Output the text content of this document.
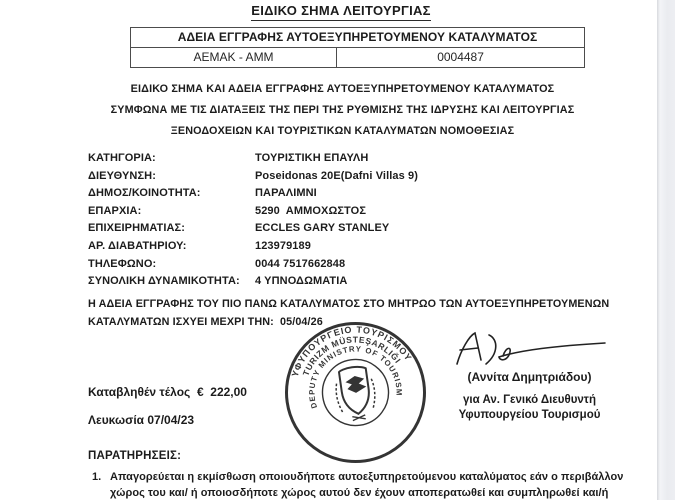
ΕΙΔΙΚΟ ΣΗΜΑ ΛΕΙΤΟΥΡΓΙΑΣ
ΑΔΕΙΑ ΕΓΓΡΑΦΗΣ ΑΥΤΟΕΞΥΠΗΡΕΤΟΥΜΕΝΟΥ ΚΑΤΑΛΥΜΑΤΟΣ
ΑΕΜΑΚ - ΑΜΜ	0004487
ΕΙΔΙΚΟ ΣΗΜΑ ΚΑΙ ΑΔΕΙΑ ΕΓΓΡΑΦΗΣ ΑΥΤΟΕΞΥΠΗΡΕΤΟΥΜΕΝΟΥ ΚΑΤΑΛΥΜΑΤΟΣ
ΣΥΜΦΩΝΑ ΜΕ ΤΙΣ ΔΙΑΤΑΞΕΙΣ ΤΗΣ ΠΕΡΙ ΤΗΣ ΡΥΘΜΙΣΗΣ ΤΗΣ ΙΔΡΥΣΗΣ ΚΑΙ ΛΕΙΤΟΥΡΓΙΑΣ
ΞΕΝΟΔΟΧΕΙΩΝ ΚΑΙ ΤΟΥΡΙΣΤΙΚΩΝ ΚΑΤΑΛΥΜΑΤΩΝ ΝΟΜΟΘΕΣΙΑΣ
ΚΑΤΗΓΟΡΙΑ:	ΤΟΥΡΙΣΤΙΚΗ ΕΠΑΥΛΗ
ΔΙΕΥΘΥΝΣΗ:	Poseidonas 20E(Dafni Villas 9)
ΔΗΜΟΣ/ΚΟΙΝΟΤΗΤΑ:	ΠΑΡΑΛΙΜΝΙ
ΕΠΑΡΧΙΑ:	5290  ΑΜΜΟΧΩΣΤΟΣ
ΕΠΙΧΕΙΡΗΜΑΤΙΑΣ:	ECCLES GARY STANLEY
ΑΡ. ΔΙΑΒΑΤΗΡΙΟΥ:	123979189
ΤΗΛΕΦΩΝΟ:	0044 7517662848
ΣΥΝΟΛΙΚΗ ΔΥΝΑΜΙΚΟΤΗΤΑ:	4 ΥΠΝΟΔΩΜΑΤΙΑ
Η ΑΔΕΙΑ ΕΓΓΡΑΦΗΣ ΤΟΥ ΠΙΟ ΠΑΝΩ ΚΑΤΑΛΥΜΑΤΟΣ ΣΤΟ ΜΗΤΡΩΟ ΤΩΝ ΑΥΤΟΕΞΥΠΗΡΕΤΟΥΜΕΝΩΝ ΚΑΤΑΛΥΜΑΤΩΝ ΙΣΧΥΕΙ ΜΕΧΡΙ ΤΗΝ:  05/04/26
ΥΦΥΠΟΥΡΓΕΙΟ ΤΟΥΡΙΣΜΟΥ
TURIZM MÜSTEŞARLIĞI
DEPUTY MINISTRY OF TOURISM
(Αννίτα Δημητριάδου)
για Αν. Γενικό Διευθυντή
Υφυπουργείου Τουρισμού
Καταβληθέν τέλος  €  222,00
Λευκωσία 07/04/23
ΠΑΡΑΤΗΡΗΣΕΙΣ:
1. Απαγορεύεται η εκμίσθωση οποιουδήποτε αυτοεξυπηρετούμενου καταλύματος εάν ο περιβάλλον χώρος του και/ ή οποιοσδήποτε χώρος αυτού δεν έχουν αποπερατωθεί και συμπληρωθεί και/ή
